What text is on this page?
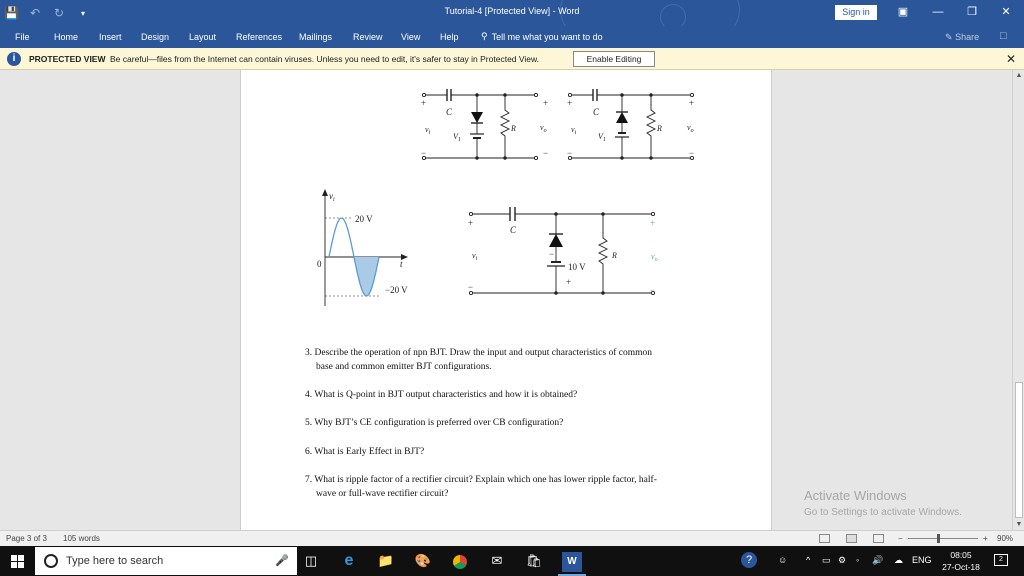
💾 ↶ ↻	▾	Tutorial-4 [Protected View] - Word	Sign in	▣	—	❐	✕
File	Home Insert Design Layout References Mailings Review View Help ⚲ Tell me what you want to do	✎ Share □
i	PROTECTED VIEW Be careful—files from the Internet can contain viruses. Unless you need to edit, it's safer to stay in Protected View.	Enable Editing	✕
+
−
C
$v_i$	$V_1$
R	$v_o$
+
−
+
−
C
$v_i$	$V_1$
R	$v_o$
+
−
$v_i$
20 V
−20 V
0	t
+
−
C
$v_i$	−
10 V
+
R
+
−
$v_o$
3. Describe the operation of npn BJT. Draw the input and output characteristics of common
base and common emitter BJT configurations.
4. What is Q-point in BJT output characteristics and how it is obtained?
5. Why BJT’s CE configuration is preferred over CB configuration?
6. What is Early Effect in BJT?
7. What is ripple factor of a rectifier circuit? Explain which one has lower ripple factor, half-
wave or full-wave rectifier circuit?	Activate Windows
Go to Settings to activate Windows.
▲
▼
Page 3 of 3 105 words	−	+ 90%
Type here to search	🎤 ◫ e	📁 🎨	✉ 🛍	W	?	☺ ^ ▭ ⚙ ◦ 🔊 ☁ ENG	08:05
27-Oct-18
2
